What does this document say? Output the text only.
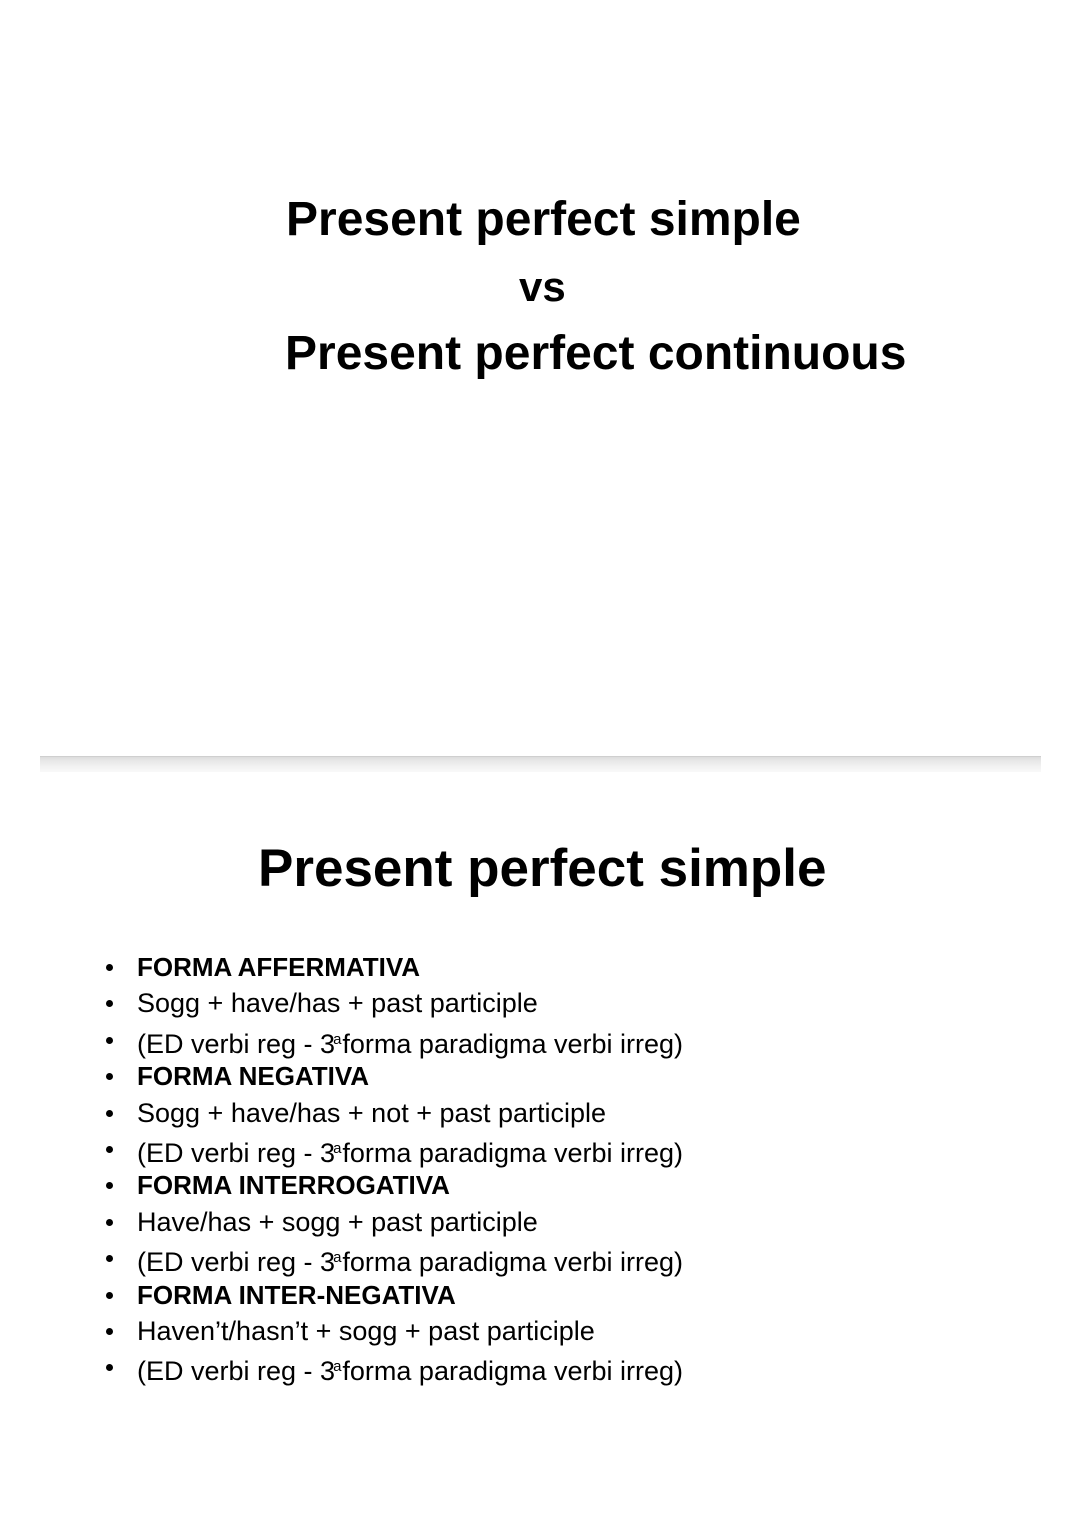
Present perfect simple
vs
Present perfect continuous
Present perfect simple
FORMA AFFERMATIVA
Sogg + have/has + past participle
(ED verbi reg - 3$^a$forma paradigma verbi irreg)
FORMA NEGATIVA
Sogg + have/has + not + past participle
(ED verbi reg - 3$^a$forma paradigma verbi irreg)
FORMA INTERROGATIVA
Have/has + sogg + past participle
(ED verbi reg - 3$^a$forma paradigma verbi irreg)
FORMA INTER-NEGATIVA
Haven’t/hasn’t + sogg + past participle
(ED verbi reg - 3$^a$forma paradigma verbi irreg)
